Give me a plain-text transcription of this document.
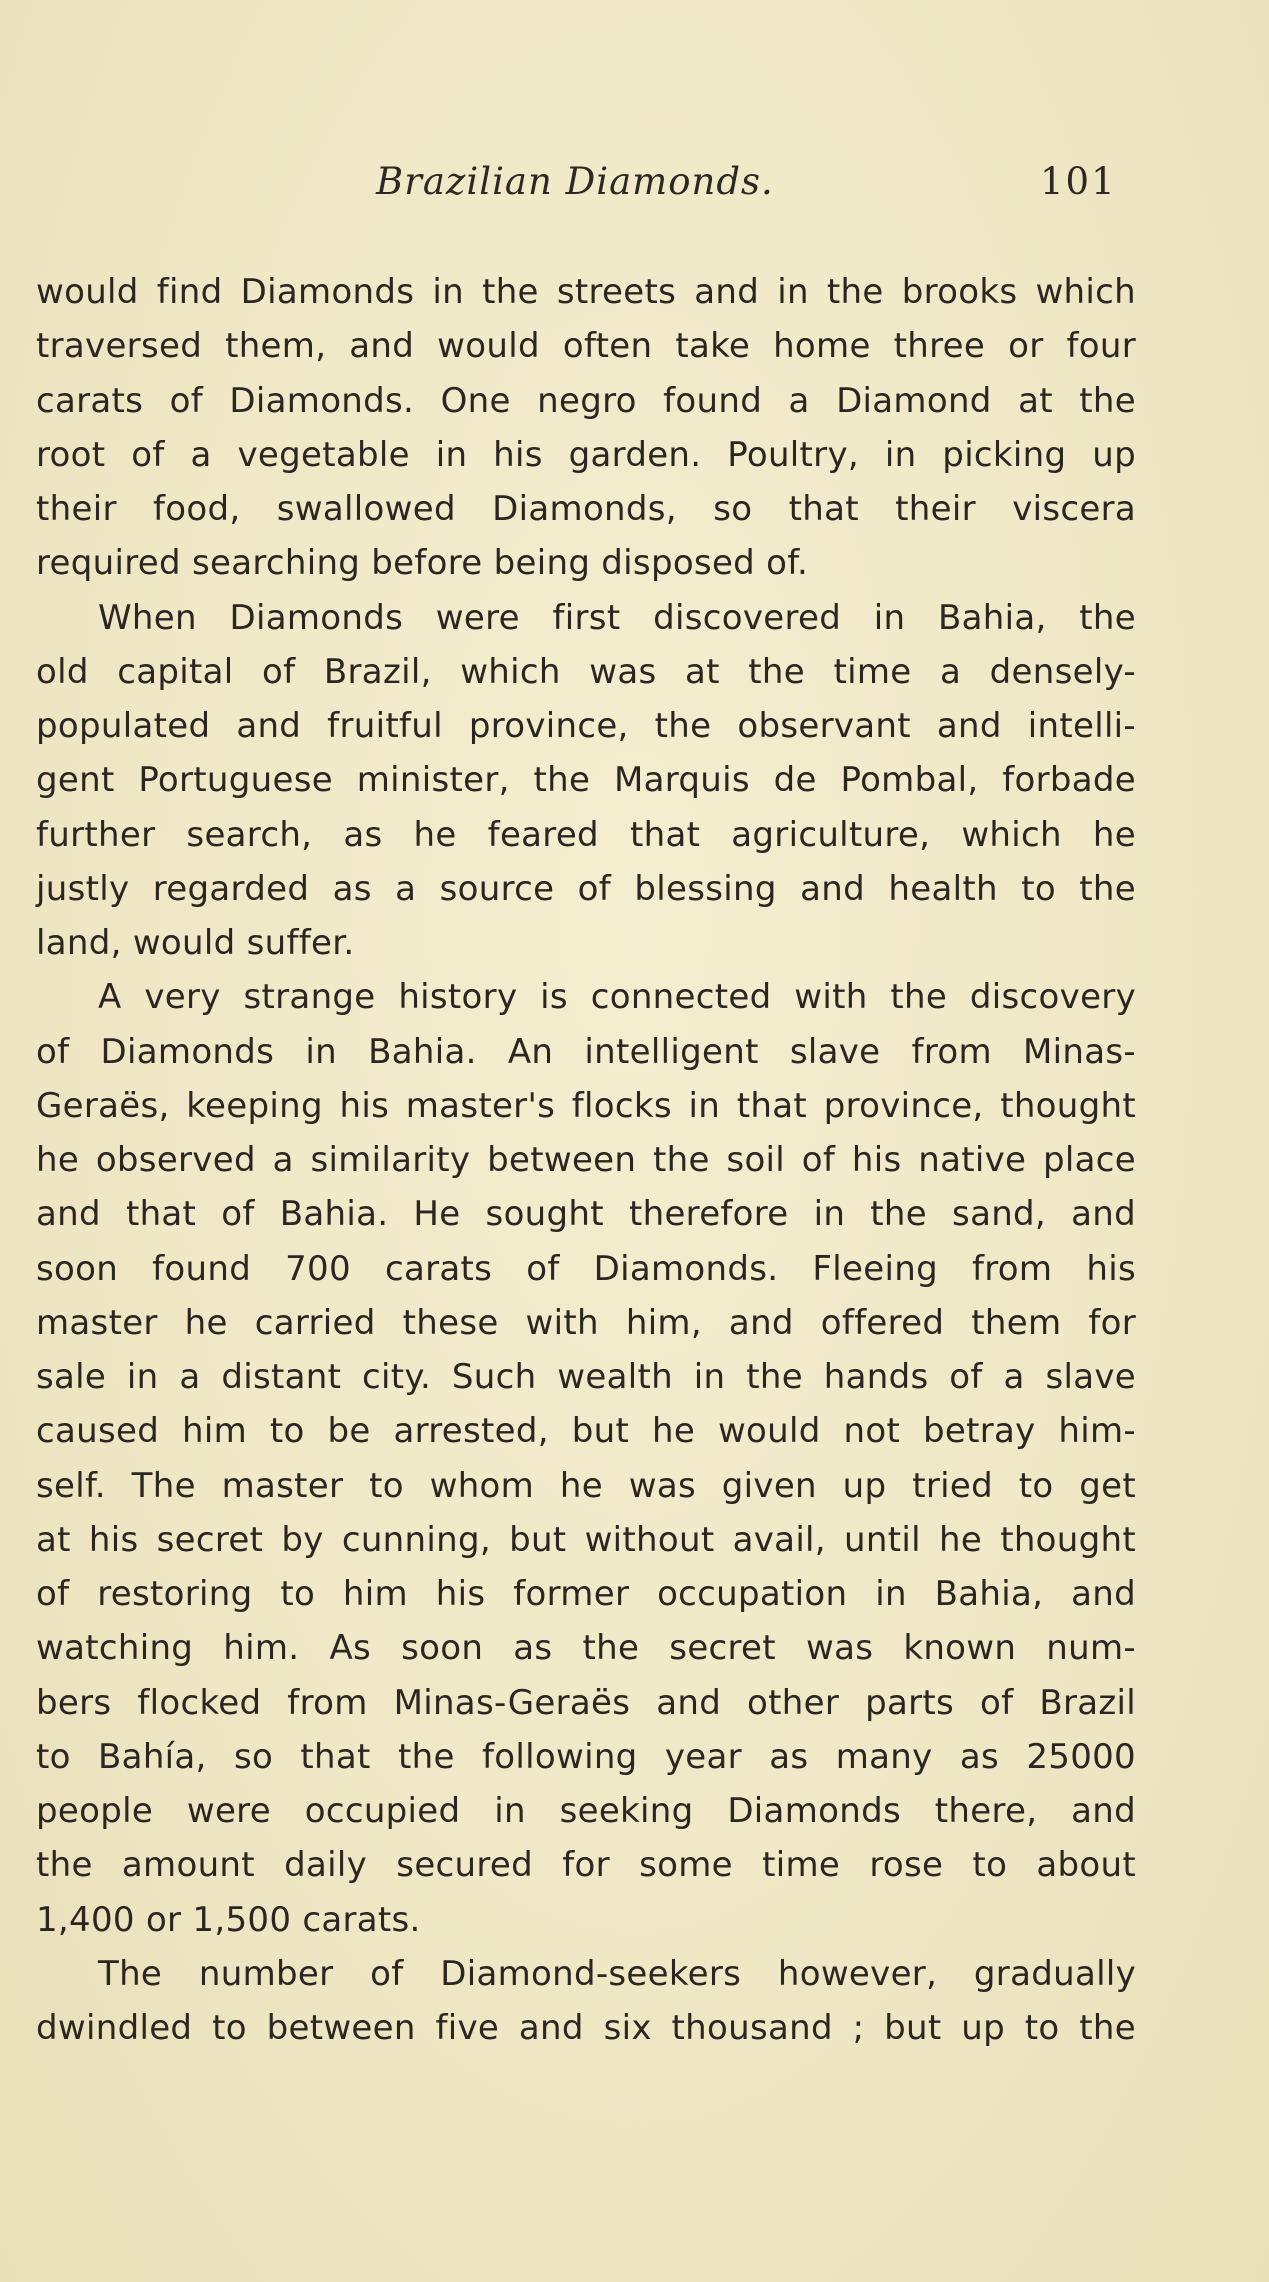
Brazilian Diamonds.	101
would find Diamonds in the streets and in the brooks which
traversed them, and would often take home three or four
carats of Diamonds. One negro found a Diamond at the
root of a vegetable in his garden. Poultry, in picking up
their food, swallowed Diamonds, so that their viscera
required searching before being disposed of.
When Diamonds were first discovered in Bahia, the
old capital of Brazil, which was at the time a densely-
populated and fruitful province, the observant and intelli-
gent Portuguese minister, the Marquis de Pombal, forbade
further search, as he feared that agriculture, which he
justly regarded as a source of blessing and health to the
land, would suffer.
A very strange history is connected with the discovery
of Diamonds in Bahia. An intelligent slave from Minas-
Geraës, keeping his master's flocks in that province, thought
he observed a similarity between the soil of his native place
and that of Bahia. He sought therefore in the sand, and
soon found 700 carats of Diamonds. Fleeing from his
master he carried these with him, and offered them for
sale in a distant city. Such wealth in the hands of a slave
caused him to be arrested, but he would not betray him-
self. The master to whom he was given up tried to get
at his secret by cunning, but without avail, until he thought
of restoring to him his former occupation in Bahia, and
watching him. As soon as the secret was known num-
bers flocked from Minas-Geraës and other parts of Brazil
to Bahía, so that the following year as many as 25000
people were occupied in seeking Diamonds there, and
the amount daily secured for some time rose to about
1,400 or 1,500 carats.
The number of Diamond-seekers however, gradually
dwindled to between five and six thousand ; but up to the
